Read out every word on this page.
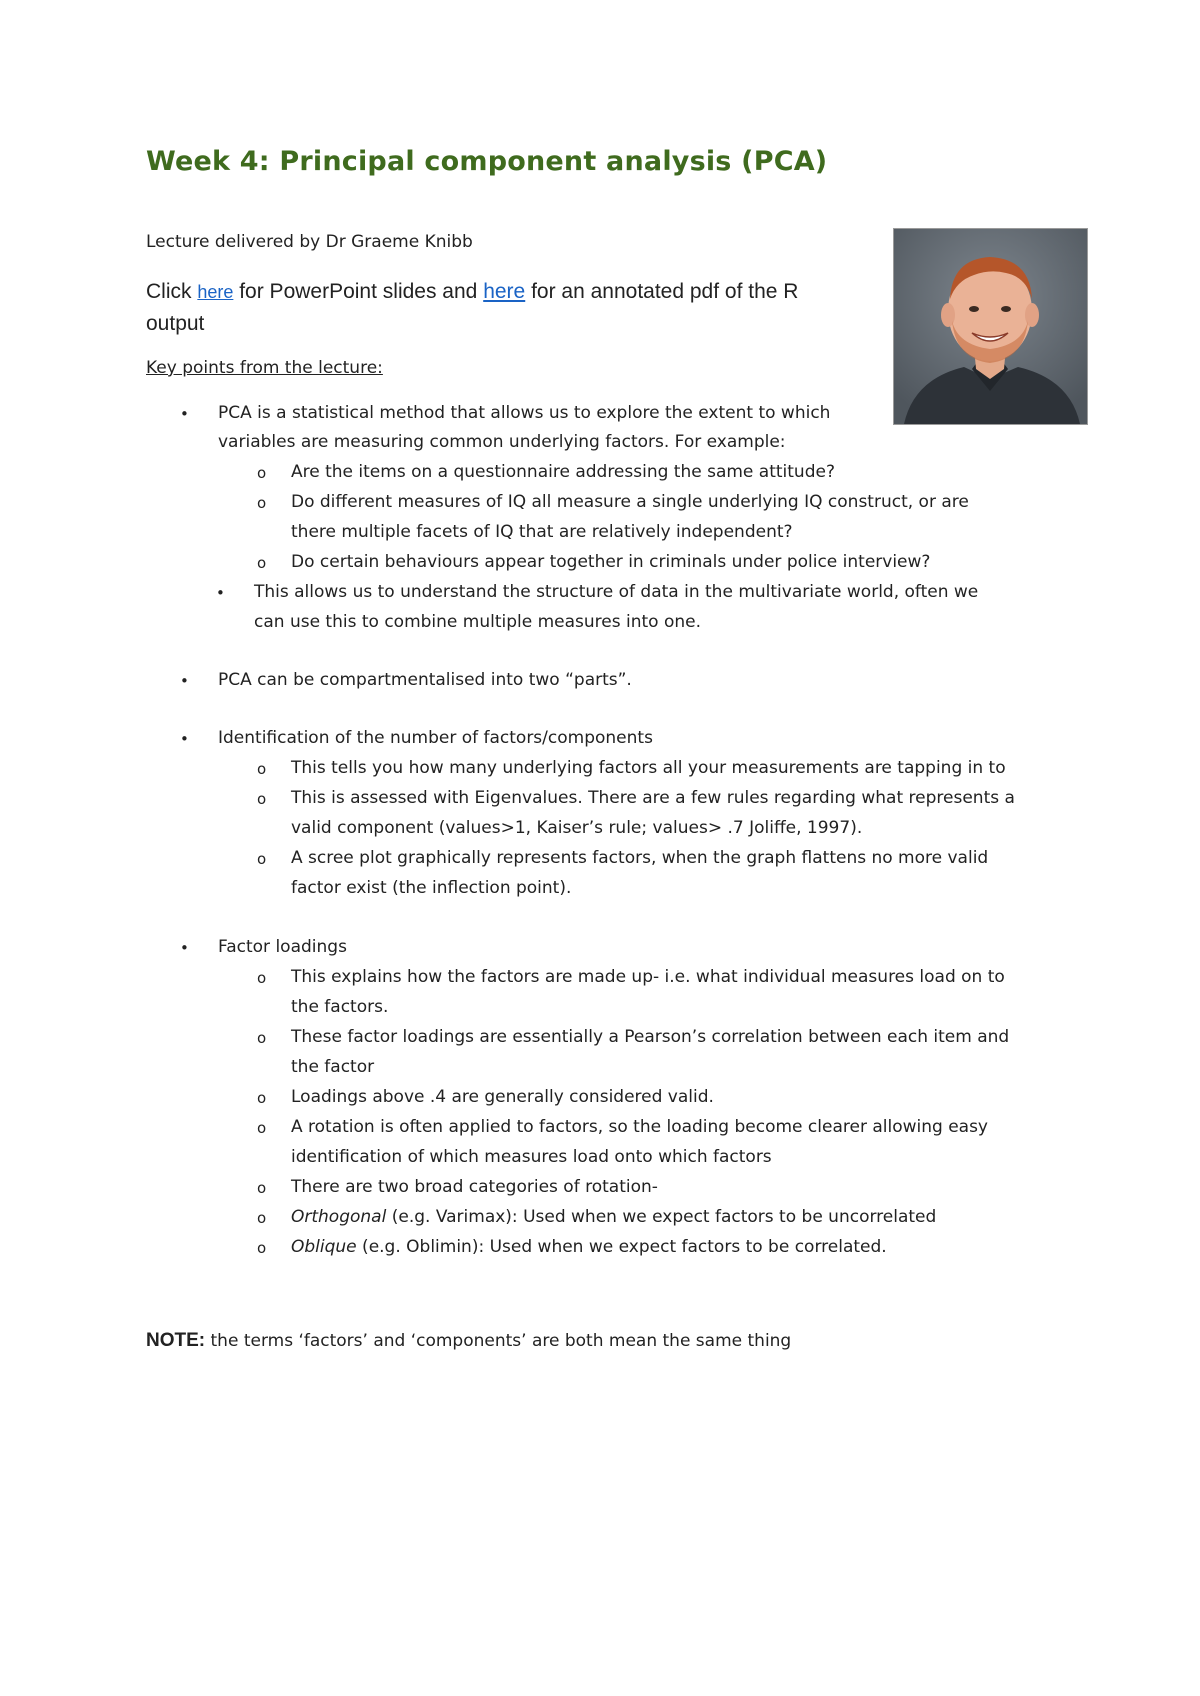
Week 4: Principal component analysis (PCA)
Lecture delivered by Dr Graeme Knibb
Click here for PowerPoint slides and here for an annotated pdf of the R
output
Key points from the lecture:
• PCA is a statistical method that allows us to explore the extent to which
variables are measuring common underlying factors. For example:
o Are the items on a questionnaire addressing the same attitude?
o Do different measures of IQ all measure a single underlying IQ construct, or are
there multiple facets of IQ that are relatively independent?
o Do certain behaviours appear together in criminals under police interview?
• This allows us to understand the structure of data in the multivariate world, often we
can use this to combine multiple measures into one.
• PCA can be compartmentalised into two “parts”.
• Identification of the number of factors/components
o This tells you how many underlying factors all your measurements are tapping in to
o This is assessed with Eigenvalues. There are a few rules regarding what represents a
valid component (values>1, Kaiser’s rule; values> .7 Joliffe, 1997).
o A scree plot graphically represents factors, when the graph flattens no more valid
factor exist (the inflection point).
• Factor loadings
o This explains how the factors are made up- i.e. what individual measures load on to
the factors.
o These factor loadings are essentially a Pearson’s correlation between each item and
the factor
o Loadings above .4 are generally considered valid.
o A rotation is often applied to factors, so the loading become clearer allowing easy
identification of which measures load onto which factors
o There are two broad categories of rotation-
o Orthogonal (e.g. Varimax): Used when we expect factors to be uncorrelated
o Oblique (e.g. Oblimin): Used when we expect factors to be correlated.
NOTE: the terms ‘factors’ and ‘components’ are both mean the same thing
